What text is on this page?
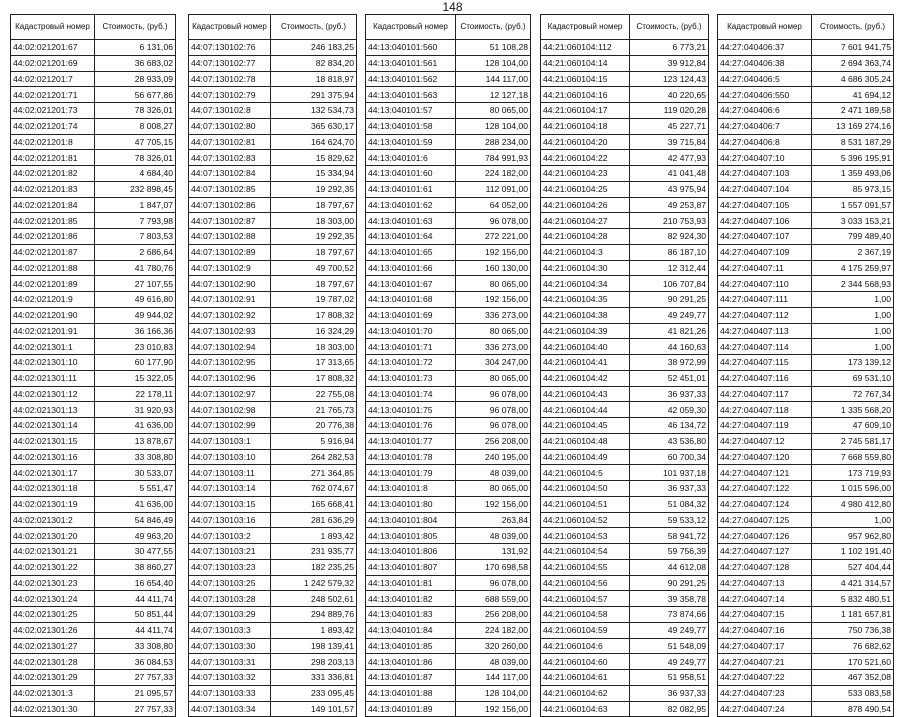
148
Кадастровый номер	Стоимость, (руб.)
44:02:021201:67	6 131,06
44:02:021201:69	36 683,02
44:02:021201:7	28 933,09
44:02:021201:71	56 677,86
44:02:021201:73	78 326,01
44:02:021201:74	8 008,27
44:02:021201:8	47 705,15
44:02:021201:81	78 326,01
44:02:021201:82	4 684,40
44:02:021201:83	232 898,45
44:02:021201:84	1 847,07
44:02:021201:85	7 793,98
44:02:021201:86	7 803,53
44:02:021201:87	2 686,64
44:02:021201:88	41 780,76
44:02:021201:89	27 107,55
44:02:021201:9	49 616,80
44:02:021201:90	49 944,02
44:02:021201:91	36 166,36
44:02:021301:1	23 010,83
44:02:021301:10	60 177,90
44:02:021301:11	15 322,05
44:02:021301:12	22 178,11
44:02:021301:13	31 920,93
44:02:021301:14	41 636,00
44:02:021301:15	13 878,67
44:02:021301:16	33 308,80
44:02:021301:17	30 533,07
44:02:021301:18	5 551,47
44:02:021301:19	41 636,00
44:02:021301:2	54 846,49
44:02:021301:20	49 963,20
44:02:021301:21	30 477,55
44:02:021301:22	38 860,27
44:02:021301:23	16 654,40
44:02:021301:24	44 411,74
44:02:021301:25	50 851,44
44:02:021301:26	44 411,74
44:02:021301:27	33 308,80
44:02:021301:28	36 084,53
44:02:021301:29	27 757,33
44:02:021301:3	21 095,57
44:02:021301:30	27 757,33
Кадастровый номер	Стоимость, (руб.)
44:07:130102:76	246 183,25
44:07:130102:77	82 834,20
44:07:130102:78	18 818,97
44:07:130102:79	291 375,94
44:07:130102:8	132 534,73
44:07:130102:80	365 630,17
44:07:130102:81	164 624,70
44:07:130102:83	15 829,62
44:07:130102:84	15 334,94
44:07:130102:85	19 292,35
44:07:130102:86	18 797,67
44:07:130102:87	18 303,00
44:07:130102:88	19 292,35
44:07:130102:89	18 797,67
44:07:130102:9	49 700,52
44:07:130102:90	18 797,67
44:07:130102:91	19 787,02
44:07:130102:92	17 808,32
44:07:130102:93	16 324,29
44:07:130102:94	18 303,00
44:07:130102:95	17 313,65
44:07:130102:96	17 808,32
44:07:130102:97	22 755,08
44:07:130102:98	21 765,73
44:07:130102:99	20 776,38
44:07:130103:1	5 916,94
44:07:130103:10	264 282,53
44:07:130103:11	271 364,85
44:07:130103:14	762 074,67
44:07:130103:15	165 668,41
44:07:130103:16	281 636,29
44:07:130103:2	1 893,42
44:07:130103:21	231 935,77
44:07:130103:23	182 235,25
44:07:130103:25	1 242 579,32
44:07:130103:28	248 502,61
44:07:130103:29	294 889,76
44:07:130103:3	1 893,42
44:07:130103:30	198 139,41
44:07:130103:31	298 203,13
44:07:130103:32	331 336,81
44:07:130103:33	233 095,45
44:07:130103:34	149 101,57
Кадастровый номер	Стоимость, (руб.)
44:13:040101:560	51 108,28
44:13:040101:561	128 104,00
44:13:040101:562	144 117,00
44:13:040101:563	12 127,18
44:13:040101:57	80 065,00
44:13:040101:58	128 104,00
44:13:040101:59	288 234,00
44:13:040101:6	784 991,93
44:13:040101:60	224 182,00
44:13:040101:61	112 091,00
44:13:040101:62	64 052,00
44:13:040101:63	96 078,00
44:13:040101:64	272 221,00
44:13:040101:65	192 156,00
44:13:040101:66	160 130,00
44:13:040101:67	80 065,00
44:13:040101:68	192 156,00
44:13:040101:69	336 273,00
44:13:040101:70	80 065,00
44:13:040101:71	336 273,00
44:13:040101:72	304 247,00
44:13:040101:73	80 065,00
44:13:040101:74	96 078,00
44:13:040101:75	96 078,00
44:13:040101:76	96 078,00
44:13:040101:77	256 208,00
44:13:040101:78	240 195,00
44:13:040101:79	48 039,00
44:13:040101:8	80 065,00
44:13:040101:80	192 156,00
44:13:040101:804	263,84
44:13:040101:805	48 039,00
44:13:040101:806	131,92
44:13:040101:807	170 698,58
44:13:040101:81	96 078,00
44:13:040101:82	688 559,00
44:13:040101:83	256 208,00
44:13:040101:84	224 182,00
44:13:040101:85	320 260,00
44:13:040101:86	48 039,00
44:13:040101:87	144 117,00
44:13:040101:88	128 104,00
44:13:040101:89	192 156,00
Кадастровый номер	Стоимость, (руб.)
44:21:060104:112	6 773,21
44:21:060104:14	39 912,84
44:21:060104:15	123 124,43
44:21:060104:16	40 220,65
44:21:060104:17	119 020,28
44:21:060104:18	45 227,71
44:21:060104:20	39 715,84
44:21:060104:22	42 477,93
44:21:060104:23	41 041,48
44:21:060104:25	43 975,94
44:21:060104:26	49 253,87
44:21:060104:27	210 753,93
44:21:060104:28	82 924,30
44:21:060104:3	86 187,10
44:21:060104:30	12 312,44
44:21:060104:34	106 707,84
44:21:060104:35	90 291,25
44:21:060104:38	49 249,77
44:21:060104:39	41 821,26
44:21:060104:40	44 160,63
44:21:060104:41	38 972,99
44:21:060104:42	52 451,01
44:21:060104:43	36 937,33
44:21:060104:44	42 059,30
44:21:060104:45	46 134,72
44:21:060104:48	43 536,80
44:21:060104:49	60 700,34
44:21:060104:5	101 937,18
44:21:060104:50	36 937,33
44:21:060104:51	51 084,32
44:21:060104:52	59 533,12
44:21:060104:53	58 941,72
44:21:060104:54	59 756,39
44:21:060104:55	44 612,08
44:21:060104:56	90 291,25
44:21:060104:57	39 358,78
44:21:060104:58	73 874,66
44:21:060104:59	49 249,77
44:21:060104:6	51 548,09
44:21:060104:60	49 249,77
44:21:060104:61	51 958,51
44:21:060104:62	36 937,33
44:21:060104:63	82 082,95
Кадастровый номер	Стоимость, (руб.)
44:27:040406:37	7 601 941,75
44:27:040406:38	2 694 363,74
44:27:040406:5	4 686 305,24
44:27:040406:550	41 694,12
44:27:040406:6	2 471 189,58
44:27:040406:7	13 169 274,16
44:27:040406:8	8 531 187,29
44:27:040407:10	5 396 195,91
44:27:040407:103	1 359 493,06
44:27:040407:104	85 973,15
44:27:040407:105	1 557 091,57
44:27:040407:106	3 033 153,21
44:27:040407:107	799 489,40
44:27:040407:109	2 367,19
44:27:040407:11	4 175 259,97
44:27:040407:110	2 344 568,93
44:27:040407:111	1,00
44:27:040407:112	1,00
44:27:040407:113	1,00
44:27:040407:114	1,00
44:27:040407:115	173 139,12
44:27:040407:116	69 531,10
44:27:040407:117	72 767,34
44:27:040407:118	1 335 568,20
44:27:040407:119	47 609,10
44:27:040407:12	2 745 581,17
44:27:040407:120	7 668 559,80
44:27:040407:121	173 719,93
44:27:040407:122	1 015 596,00
44:27:040407:124	4 980 412,80
44:27:040407:125	1,00
44:27:040407:126	957 962,80
44:27:040407:127	1 102 191,40
44:27:040407:128	527 404,44
44:27:040407:13	4 421 314,57
44:27:040407:14	5 832 480,51
44:27:040407:15	1 181 657,81
44:27:040407:16	750 736,38
44:27:040407:17	76 682,62
44:27:040407:21	170 521,60
44:27:040407:22	467 352,08
44:27:040407:23	533 083,58
44:27:040407:24	878 490,54
